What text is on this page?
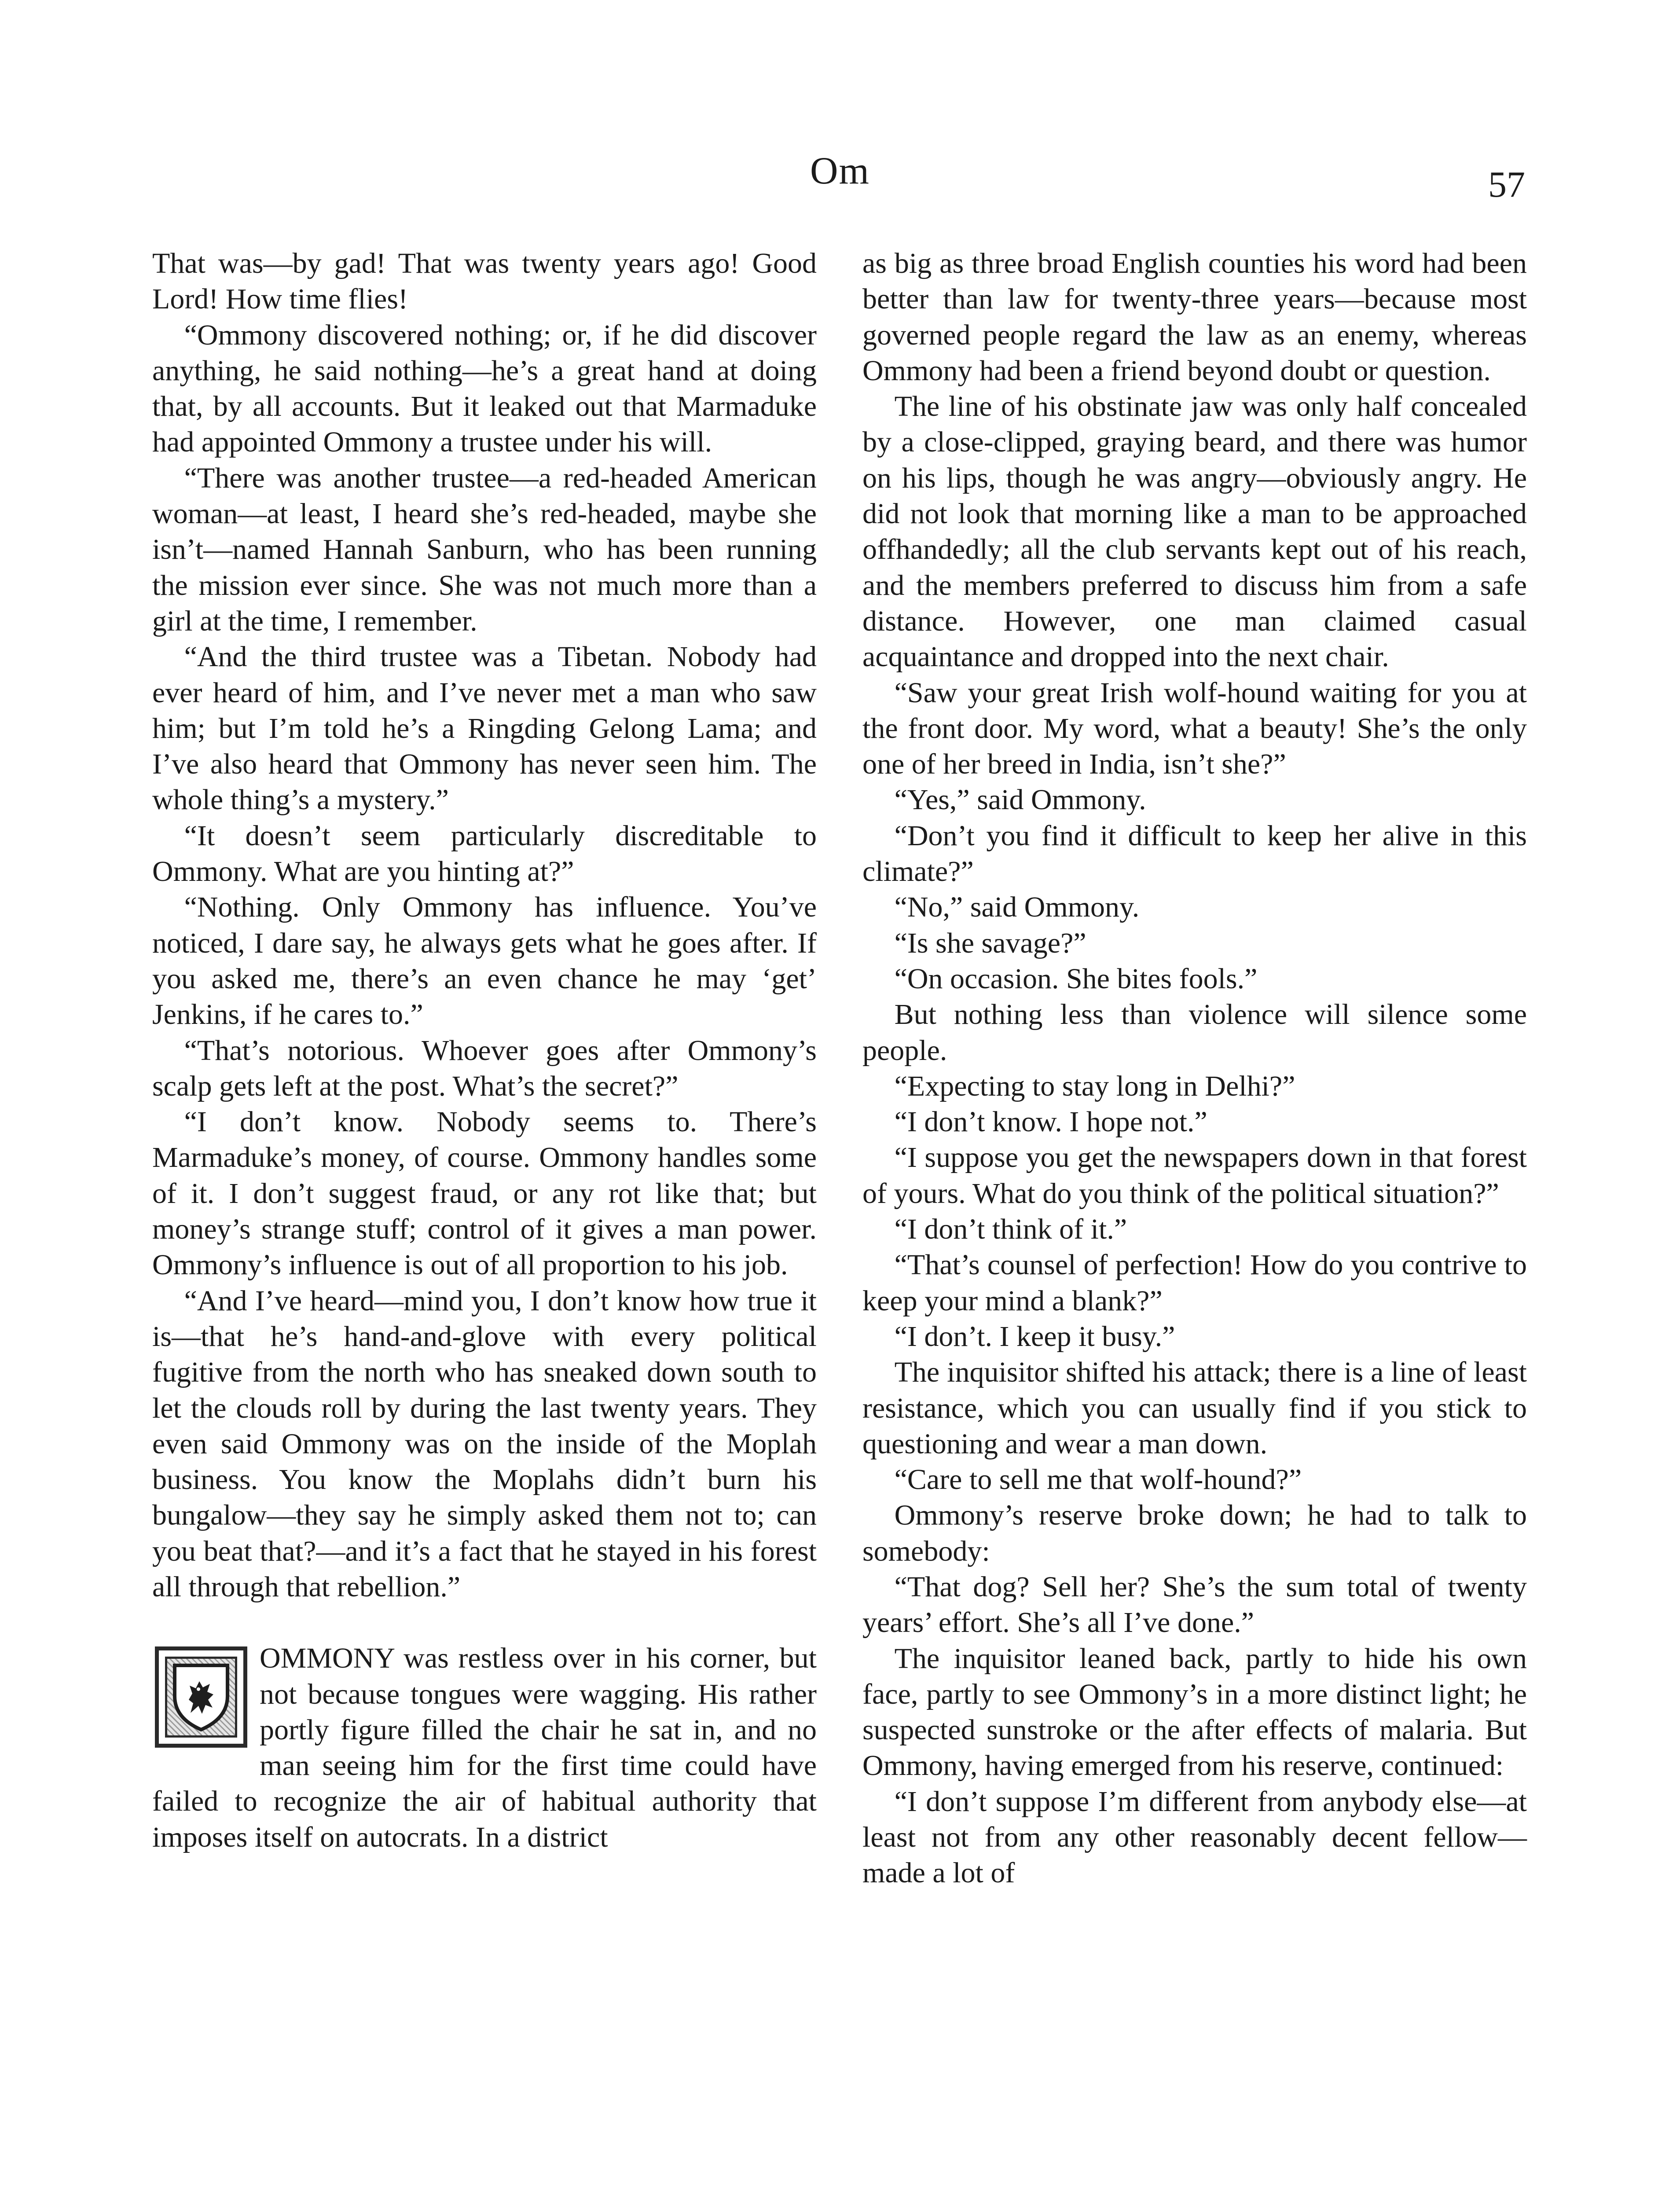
Om	57

That was—by gad! That was twenty years ago! Good Lord! How time flies!

“Ommony discovered nothing; or, if he did discover anything, he said nothing—he’s a great hand at doing that, by all accounts. But it leaked out that Marmaduke had appointed Ommony a trustee under his will.

“There was another trustee—a red-headed American woman—at least, I heard she’s red-headed, maybe she isn’t—named Hannah Sanburn, who has been running the mission ever since. She was not much more than a girl at the time, I remember.

“And the third trustee was a Tibetan. Nobody had ever heard of him, and I’ve never met a man who saw him; but I’m told he’s a Ringding Gelong Lama; and I’ve also heard that Ommony has never seen him. The whole thing’s a mystery.”

“It doesn’t seem particularly discreditable to Ommony. What are you hinting at?”

“Nothing. Only Ommony has influence. You’ve noticed, I dare say, he always gets what he goes after. If you asked me, there’s an even chance he may ‘get’ Jenkins, if he cares to.”

“That’s notorious. Whoever goes after Ommony’s scalp gets left at the post. What’s the secret?”

“I don’t know. Nobody seems to. There’s Marmaduke’s money, of course. Ommony handles some of it. I don’t suggest fraud, or any rot like that; but money’s strange stuff; control of it gives a man power. Ommony’s influence is out of all proportion to his job.

“And I’ve heard—mind you, I don’t know how true it is—that he’s hand-and-glove with every political fugitive from the north who has sneaked down south to let the clouds roll by during the last twenty years. They even said Ommony was on the inside of the Moplah business. You know the Moplahs didn’t burn his bungalow—they say he simply asked them not to; can you beat that?—and it’s a fact that he stayed in his forest all through that rebellion.”

OMMONY was restless over in his corner, but not because tongues were wagging. His rather portly figure filled the chair he sat in, and no man seeing him for the first time could have failed to recognize the air of habitual authority that imposes itself on autocrats. In a district

as big as three broad English counties his word had been better than law for twenty-three years—because most governed people regard the law as an enemy, whereas Ommony had been a friend beyond doubt or question.

The line of his obstinate jaw was only half concealed by a close-clipped, graying beard, and there was humor on his lips, though he was angry—obviously angry. He did not look that morning like a man to be approached offhandedly; all the club servants kept out of his reach, and the members preferred to discuss him from a safe distance. However, one man claimed casual acquaintance and dropped into the next chair.

“Saw your great Irish wolf-hound waiting for you at the front door. My word, what a beauty! She’s the only one of her breed in India, isn’t she?”

“Yes,” said Ommony.

“Don’t you find it difficult to keep her alive in this climate?”

“No,” said Ommony.

“Is she savage?”

“On occasion. She bites fools.”

But nothing less than violence will silence some people.

“Expecting to stay long in Delhi?”

“I don’t know. I hope not.”

“I suppose you get the newspapers down in that forest of yours. What do you think of the political situation?”

“I don’t think of it.”

“That’s counsel of perfection! How do you contrive to keep your mind a blank?”

“I don’t. I keep it busy.”

The inquisitor shifted his attack; there is a line of least resistance, which you can usually find if you stick to questioning and wear a man down.

“Care to sell me that wolf-hound?”

Ommony’s reserve broke down; he had to talk to somebody:

“That dog? Sell her? She’s the sum total of twenty years’ effort. She’s all I’ve done.”

The inquisitor leaned back, partly to hide his own face, partly to see Ommony’s in a more distinct light; he suspected sunstroke or the after effects of malaria. But Ommony, having emerged from his reserve, continued:

“I don’t suppose I’m different from anybody else—at least not from any other reasonably decent fellow—made a lot of
